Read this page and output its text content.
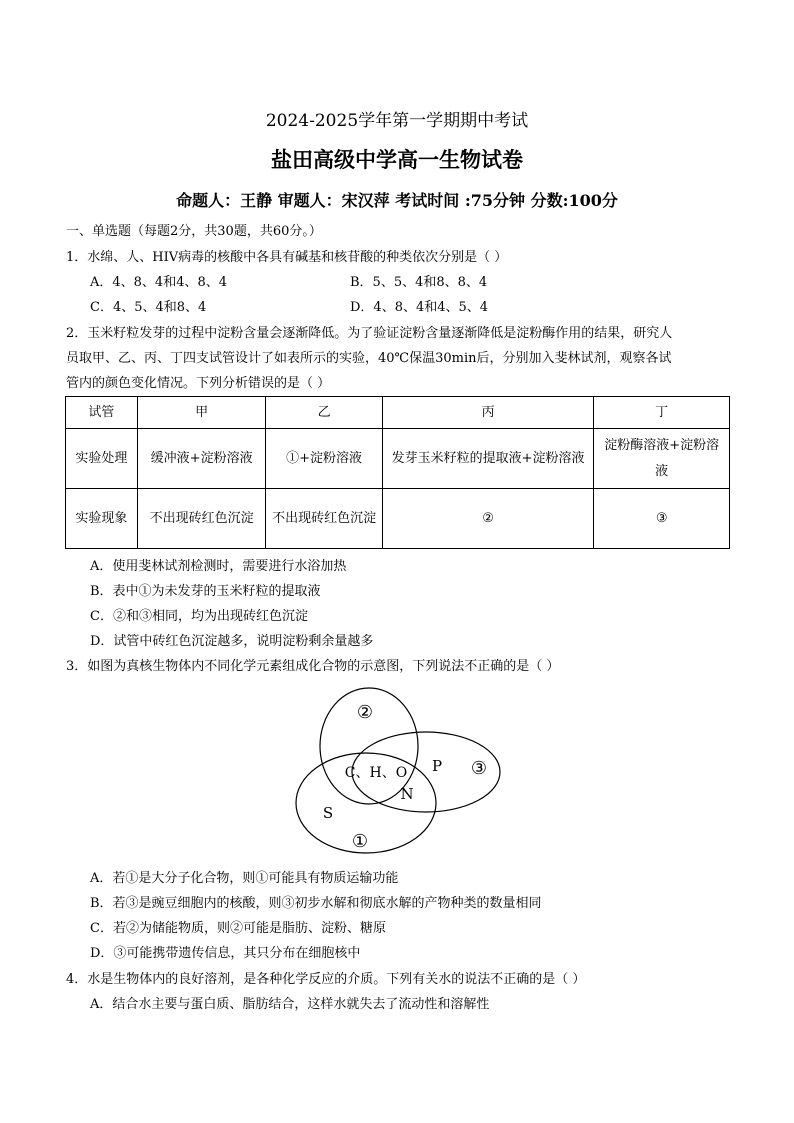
2024-2025学年第一学期期中考试
盐田高级中学高一生物试卷
命题人：王静 审题人：宋汉萍 考试时间 :75分钟 分数:100分
一、单选题（每题2分，共30题，共60分。）
1．水绵、人、HIV病毒的核酸中各具有碱基和核苷酸的种类依次分别是（ ）
A．4、8、4和4、8、4	B．5、5、4和8、8、4
C．4、5、4和8、4	D．4、8、4和4、5、4
2．玉米籽粒发芽的过程中淀粉含量会逐渐降低。为了验证淀粉含量逐渐降低是淀粉酶作用的结果，研究人
员取甲、乙、丙、丁四支试管设计了如表所示的实验，40℃保温30min后，分别加入斐林试剂，观察各试
管内的颜色变化情况。下列分析错误的是（ ）
试管	甲	乙	丙	丁
实验处理	缓冲液+淀粉溶液	①+淀粉溶液	发芽玉米籽粒的提取液+淀粉溶液	淀粉酶溶液+淀粉溶液
实验现象	不出现砖红色沉淀	不出现砖红色沉淀	②	③
A．使用斐林试剂检测时，需要进行水浴加热
B．表中①为未发芽的玉米籽粒的提取液
C．②和③相同，均为出现砖红色沉淀
D．试管中砖红色沉淀越多，说明淀粉剩余量越多
3．如图为真核生物体内不同化学元素组成化合物的示意图，下列说法不正确的是（ ）
②
C、H、O P ③
N
S
①
A．若①是大分子化合物，则①可能具有物质运输功能
B．若③是豌豆细胞内的核酸，则③初步水解和彻底水解的产物种类的数量相同
C．若②为储能物质，则②可能是脂肪、淀粉、糖原
D．③可能携带遗传信息，其只分布在细胞核中
4．水是生物体内的良好溶剂，是各种化学反应的介质。下列有关水的说法不正确的是（ ）
A．结合水主要与蛋白质、脂肪结合，这样水就失去了流动性和溶解性
